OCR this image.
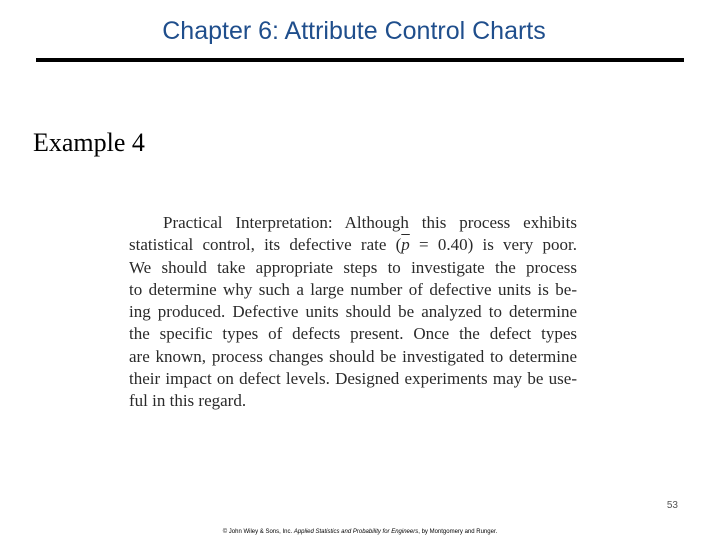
Chapter 6: Attribute Control Charts
Example 4
Practical Interpretation: Although this process exhibits
statistical control, its defective rate $(\overline{p} = 0.40)$ is very poor.
We should take appropriate steps to investigate the process
to determine why such a large number of defective units is be-
ing produced. Defective units should be analyzed to determine
the specific types of defects present. Once the defect types
are known, process changes should be investigated to determine
their impact on defect levels. Designed experiments may be use-
ful in this regard.
53
© John Wiley & Sons, Inc. Applied Statistics and Probability for Engineers, by Montgomery and Runger.
